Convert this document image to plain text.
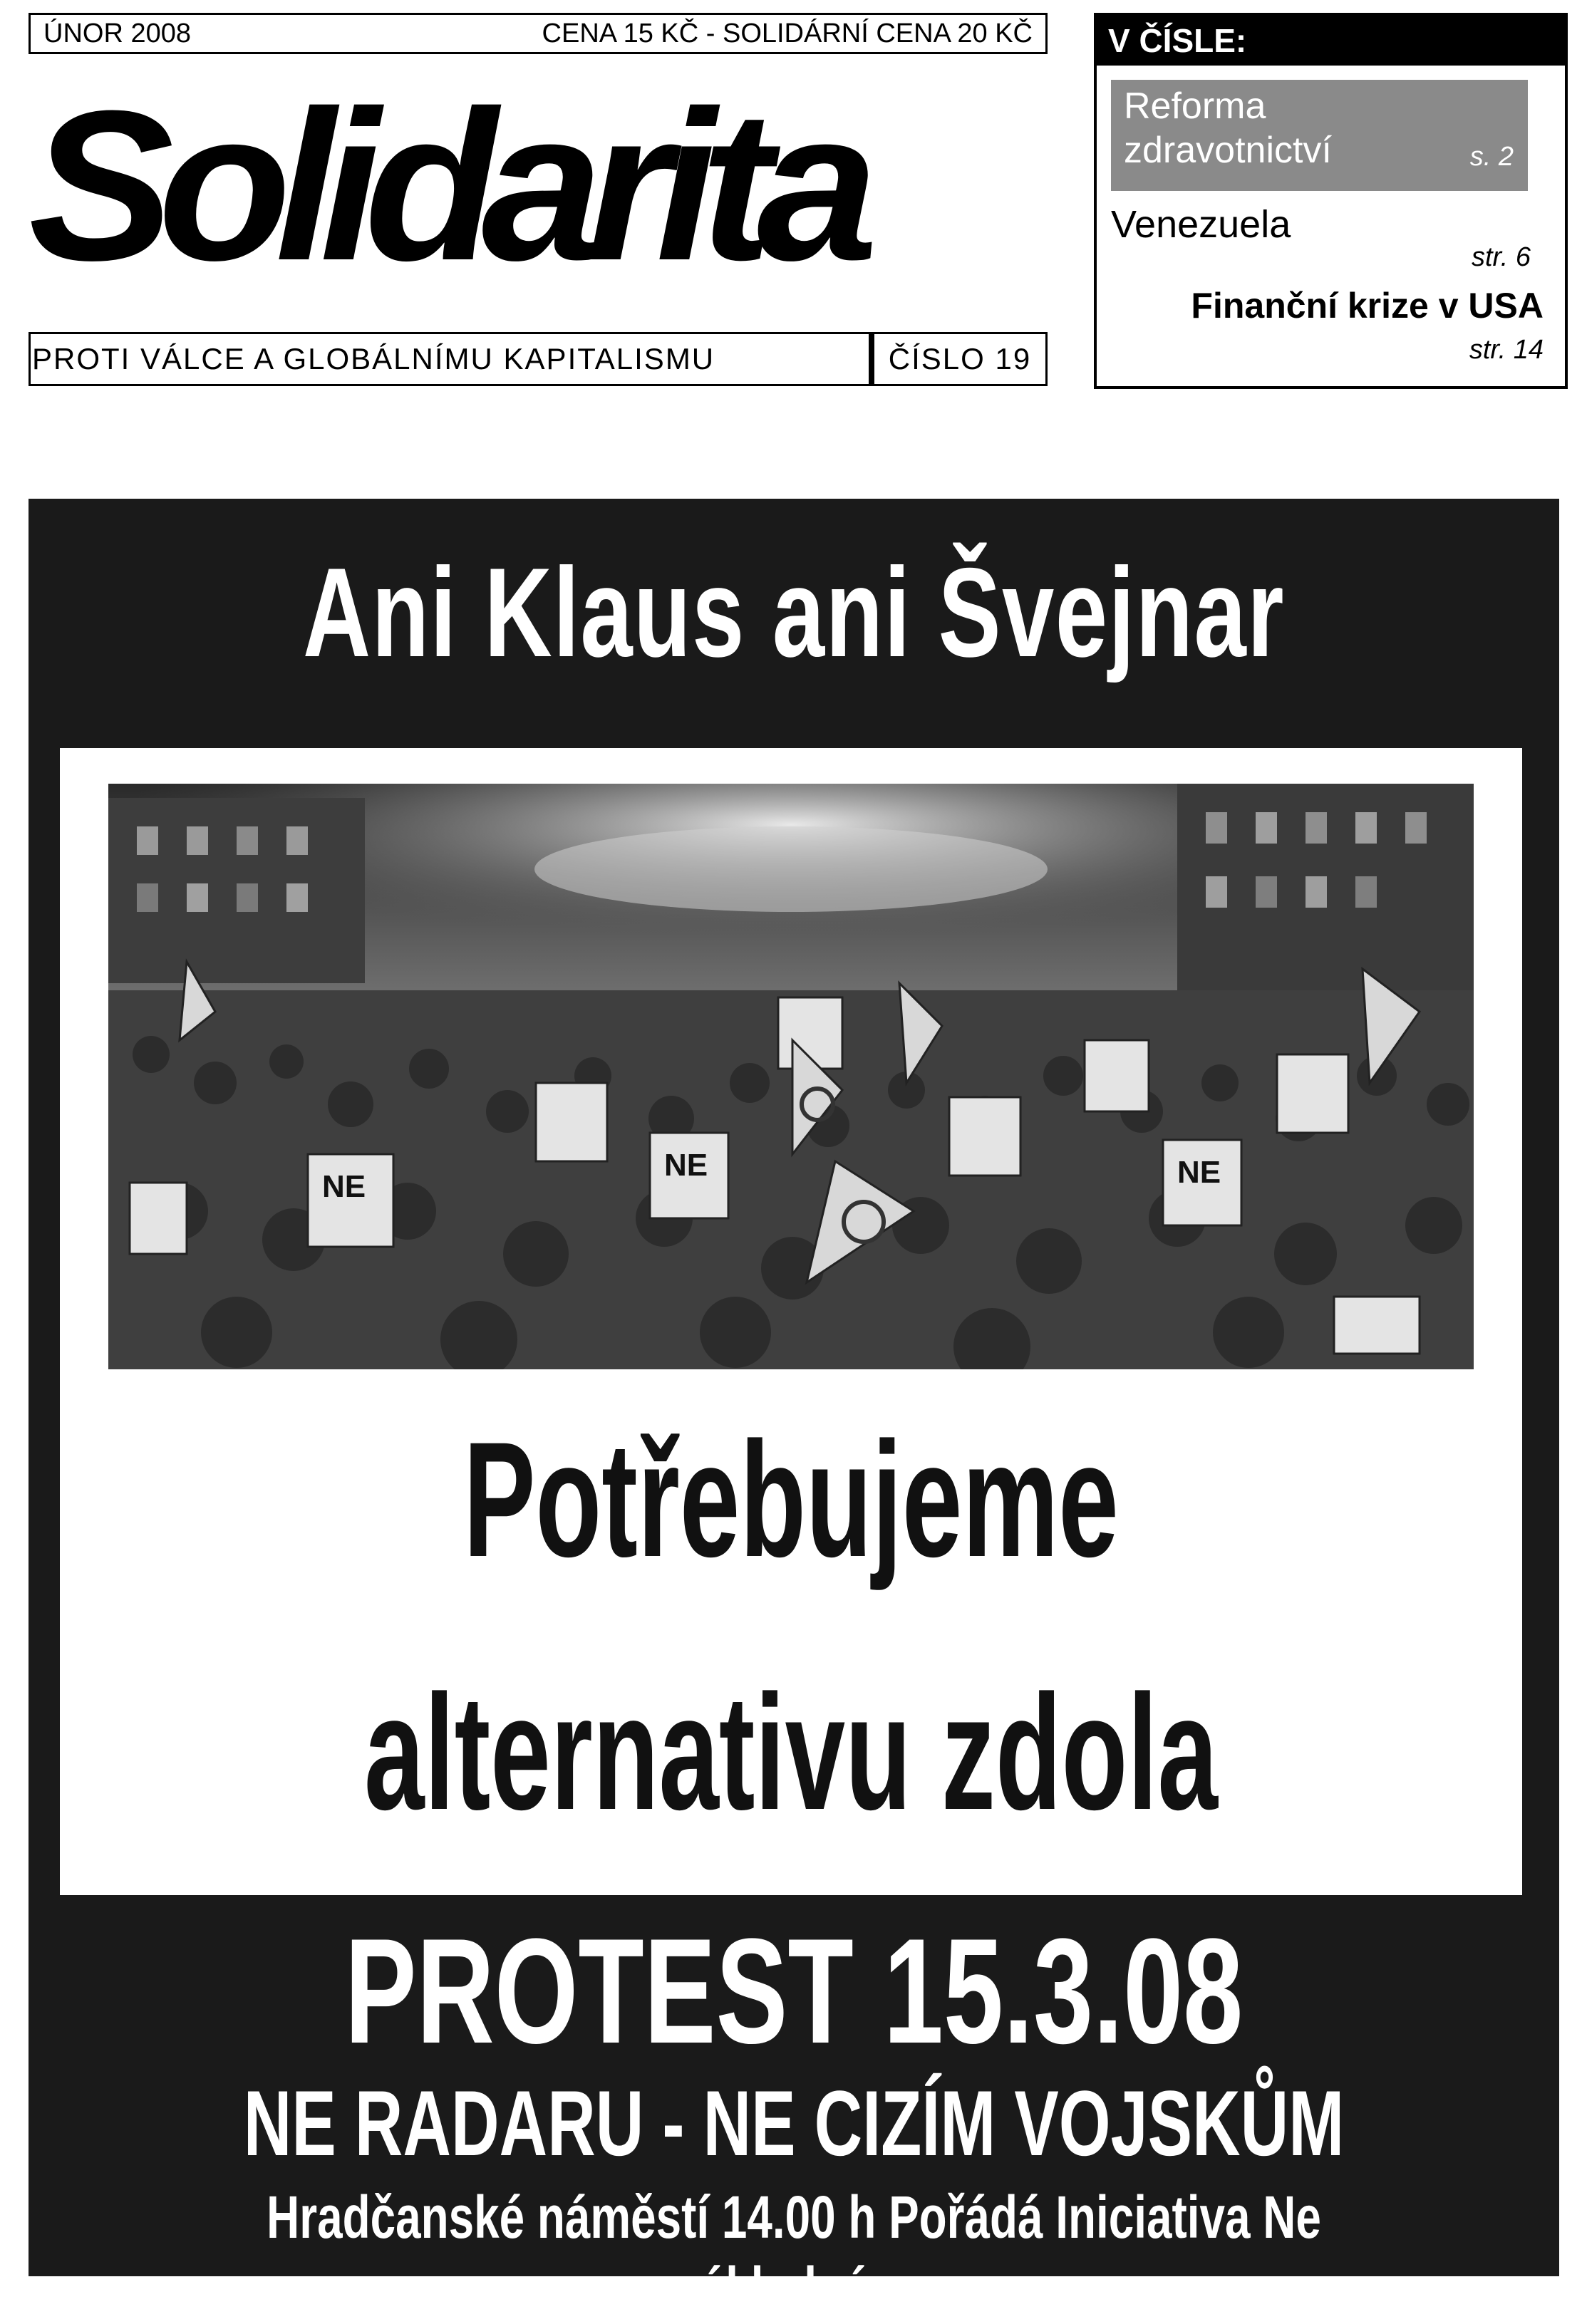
ÚNOR 2008	CENA 15 KČ - SOLIDÁRNÍ CENA 20 KČ
Solidarita
PROTI VÁLCE A GLOBÁLNÍMU KAPITALISMU	ČÍSLO 19
V ČÍSLE:
Reforma zdravotnictví	s. 2
Venezuela
str. 6
Finanční krize v USA
str. 14
Ani Klaus ani Švejnar
NE
NE	NE
Potřebujeme
alternativu zdola
PROTEST 15.3.08
NE RADARU - NE CIZÍM VOJSKŮM
Hradčanské náměstí 14.00 h Pořádá Iniciativa Ne základnám
